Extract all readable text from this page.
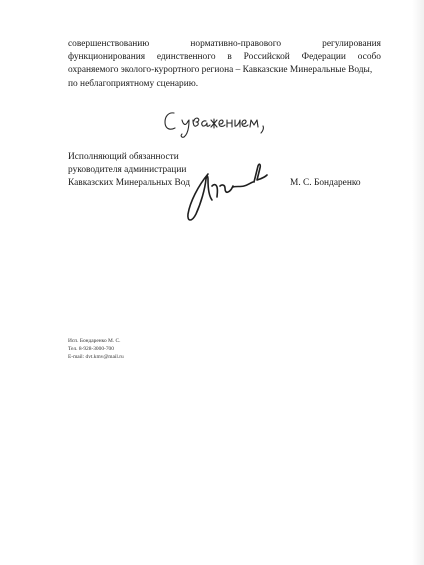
совершенствованию	нормативно-правового	регулирования
функционирования единственного в Российской Федерации особо
охраняемого эколого-курортного региона – Кавказские Минеральные Воды,
по неблагоприятному сценарию.
Исполняющий обязанности
руководителя администрации
Кавказских Минеральных Вод	М. С. Бондаренко
Исп. Бондаренко М. С.
Тел. 8-928-3000-700
E-mail: dvt.kmv@mail.ru
